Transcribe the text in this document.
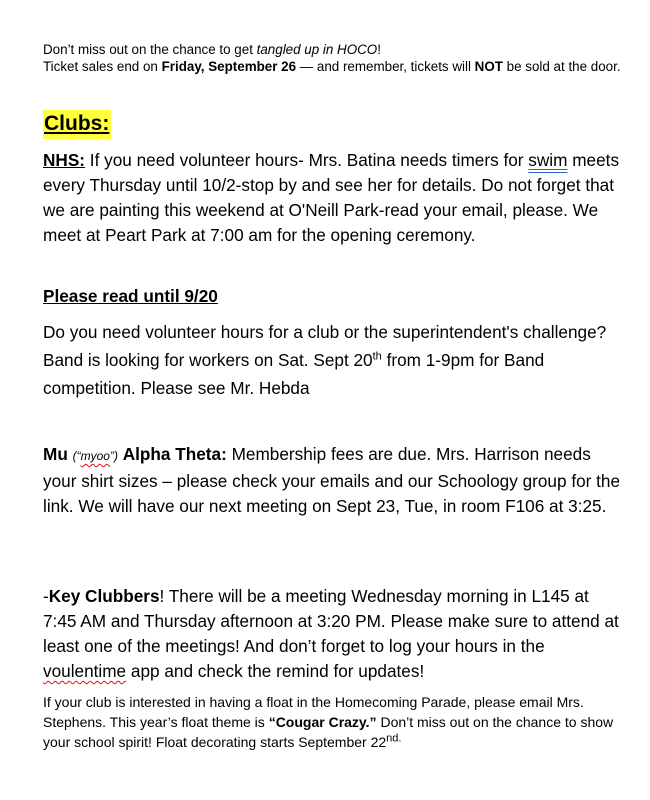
Don’t miss out on the chance to get tangled up in HOCO!
Ticket sales end on Friday, September 26 — and remember, tickets will NOT be sold at the door.
Clubs:

NHS: If you need volunteer hours- Mrs. Batina needs timers for swim meets every Thursday until 10/2-stop by and see her for details. Do not forget that we are painting this weekend at O'Neill Park-read your email, please. We meet at Peart Park at 7:00 am for the opening ceremony.

Please read until 9/20

Do you need volunteer hours for a club or the superintendent's challenge? Band is looking for workers on Sat. Sept 20th from 1-9pm for Band competition. Please see Mr. Hebda

Mu (“myoo”) Alpha Theta: Membership fees are due. Mrs. Harrison needs your shirt sizes – please check your emails and our Schoology group for the link. We will have our next meeting on Sept 23, Tue, in room F106 at 3:25.

-Key Clubbers! There will be a meeting Wednesday morning in L145 at 7:45 AM and Thursday afternoon at 3:20 PM. Please make sure to attend at least one of the meetings! And don’t forget to log your hours in the voulentime app and check the remind for updates!

If your club is interested in having a float in the Homecoming Parade, please email Mrs. Stephens. This year’s float theme is “Cougar Crazy.” Don’t miss out on the chance to show your school spirit! Float decorating starts September $22^{nd.}$
